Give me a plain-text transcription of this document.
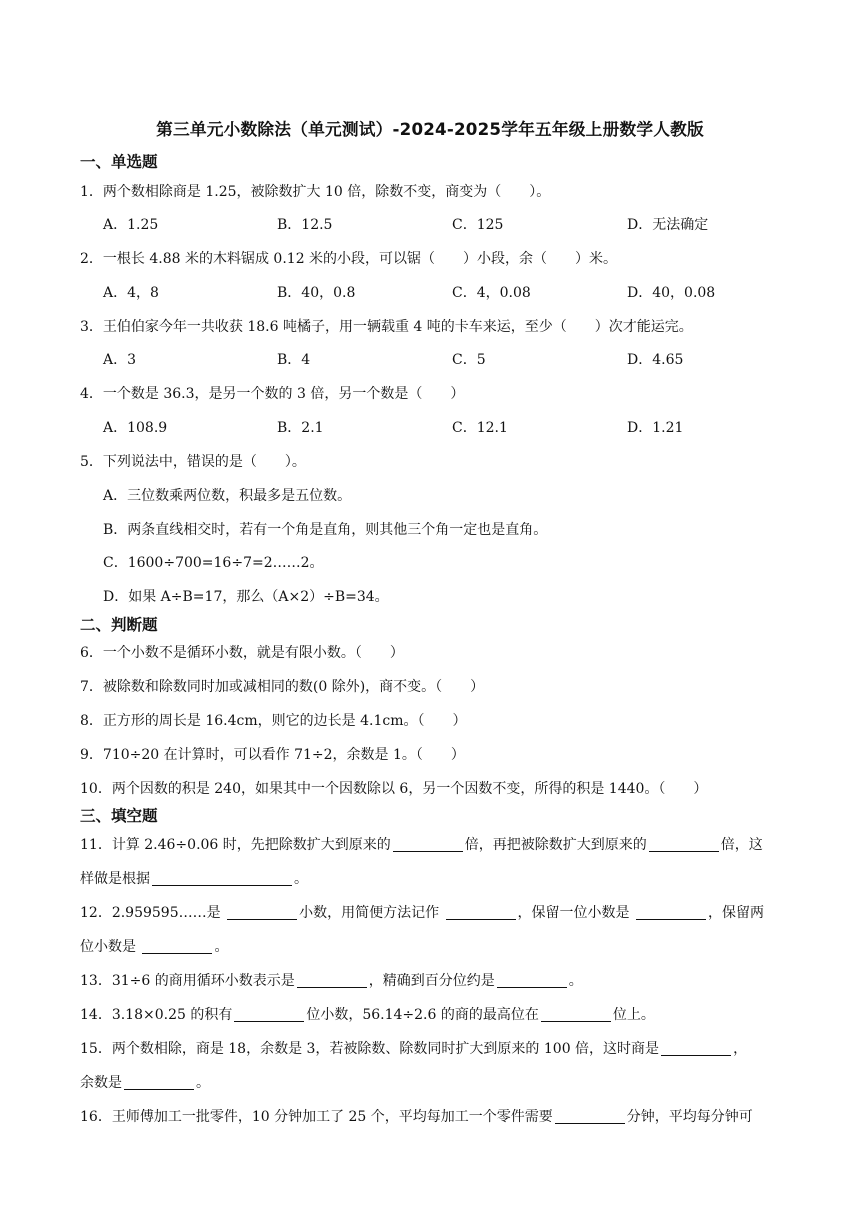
第三单元小数除法（单元测试）-2024-2025学年五年级上册数学人教版
一、单选题
1．两个数相除商是 1.25，被除数扩大 10 倍，除数不变，商变为（　　）。
A．1.25	B．12.5	C．125	D．无法确定
2．一根长 4.88 米的木料锯成 0.12 米的小段，可以锯（　　）小段，余（　　）米。
A．4，8	B．40，0.8	C．4，0.08	D．40，0.08
3．王伯伯家今年一共收获 18.6 吨橘子，用一辆载重 4 吨的卡车来运，至少（　　）次才能运完。
A．3	B．4	C．5	D．4.65
4．一个数是 36.3，是另一个数的 3 倍，另一个数是（　　）
A．108.9	B．2.1	C．12.1	D．1.21
5．下列说法中，错误的是（　　）。
A．三位数乘两位数，积最多是五位数。
B．两条直线相交时，若有一个角是直角，则其他三个角一定也是直角。
C．1600÷700=16÷7=2……2。
D．如果 A÷B=17，那么（A×2）÷B=34。
二、判断题
6．一个小数不是循环小数，就是有限小数。（　　）
7．被除数和除数同时加或减相同的数(0 除外)，商不变。（　　）
8．正方形的周长是 16.4cm，则它的边长是 4.1cm。（　　）
9．710÷20 在计算时，可以看作 71÷2，余数是 1。（　　）
10．两个因数的积是 240，如果其中一个因数除以 6，另一个因数不变，所得的积是 1440。（　　）
三、填空题
11．计算 2.46÷0.06 时，先把除数扩大到原来的	倍，再把被除数扩大到原来的	倍，这
样做是根据	。
12．2.959595……是	小数，用简便方法记作	，保留一位小数是	，保留两
位小数是	。
13．31÷6 的商用循环小数表示是	，精确到百分位约是	。
14．3.18×0.25 的积有	位小数，56.14÷2.6 的商的最高位在	位上。
15．两个数相除，商是 18，余数是 3，若被除数、除数同时扩大到原来的 100 倍，这时商是	，
余数是	。
16．王师傅加工一批零件，10 分钟加工了 25 个，平均每加工一个零件需要	分钟，平均每分钟可
